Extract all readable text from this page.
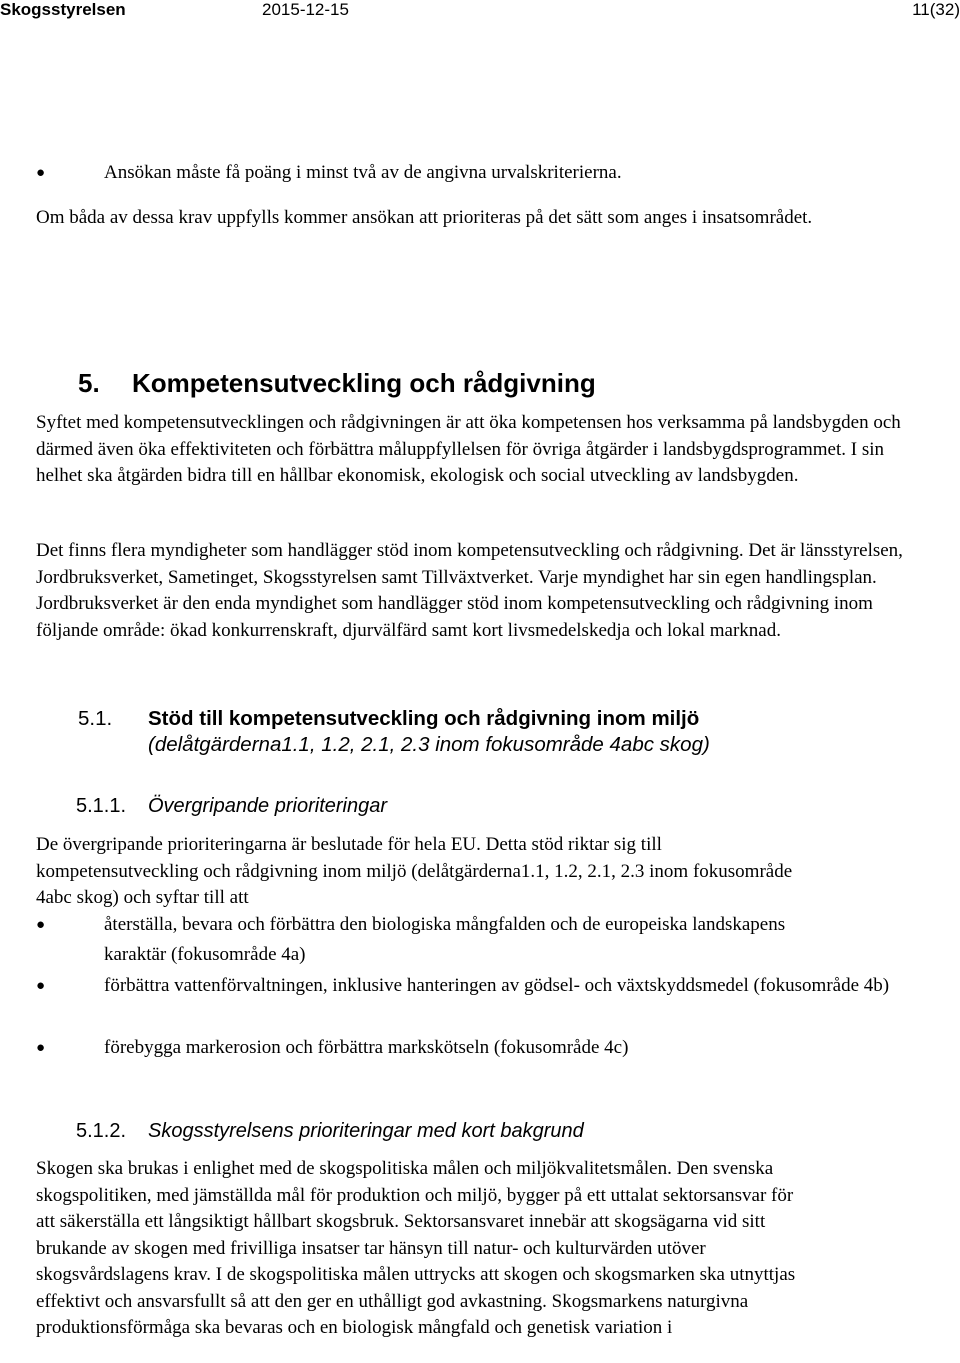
Skogsstyrelsen	2015-12-15	11(32)
●	Ansökan måste få poäng i minst två av de angivna urvalskriterierna.

Om båda av dessa krav uppfylls kommer ansökan att prioriteras på det sätt som anges i insatsområdet.

5. Kompetensutveckling och rådgivning

Syftet med kompetensutvecklingen och rådgivningen är att öka kompetensen hos verksamma på landsbygden och därmed även öka effektiviteten och förbättra måluppfyllelsen för övriga åtgärder i landsbygdsprogrammet. I sin helhet ska åtgärden bidra till en hållbar ekonomisk, ekologisk och social utveckling av landsbygden.

Det finns flera myndigheter som handlägger stöd inom kompetensutveckling och rådgivning. Det är länsstyrelsen, Jordbruksverket, Sametinget, Skogsstyrelsen samt Tillväxtverket. Varje myndighet har sin egen handlingsplan. Jordbruksverket är den enda myndighet som handlägger stöd inom kompetensutveckling och rådgivning inom följande område: ökad konkurrenskraft, djurvälfärd samt kort livsmedelskedja och lokal marknad.

5.1. Stöd till kompetensutveckling och rådgivning inom miljö (delåtgärderna1.1, 1.2, 2.1, 2.3 inom fokusområde 4abc skog)
5.1.1. Övergripande prioriteringar

De övergripande prioriteringarna är beslutade för hela EU. Detta stöd riktar sig till kompetensutveckling och rådgivning inom miljö (delåtgärderna1.1, 1.2, 2.1, 2.3 inom fokusområde 4abc skog) och syftar till att

●	återställa, bevara och förbättra den biologiska mångfalden och de europeiska landskapens karaktär (fokusområde 4a)
●	förbättra vattenförvaltningen, inklusive hanteringen av gödsel- och växtskyddsmedel (fokusområde 4b)
●	förebygga markerosion och förbättra markskötseln (fokusområde 4c)
5.1.2. Skogsstyrelsens prioriteringar med kort bakgrund

Skogen ska brukas i enlighet med de skogspolitiska målen och miljökvalitetsmålen. Den svenska skogspolitiken, med jämställda mål för produktion och miljö, bygger på ett uttalat sektorsansvar för att säkerställa ett långsiktigt hållbart skogsbruk. Sektorsansvaret innebär att skogsägarna vid sitt brukande av skogen med frivilliga insatser tar hänsyn till natur- och kulturvärden utöver skogsvårdslagens krav. I de skogspolitiska målen uttrycks att skogen och skogsmarken ska utnyttjas effektivt och ansvarsfullt så att den ger en uthålligt god avkastning. Skogsmarkens naturgivna produktionsförmåga ska bevaras och en biologisk mångfald och genetisk variation i
